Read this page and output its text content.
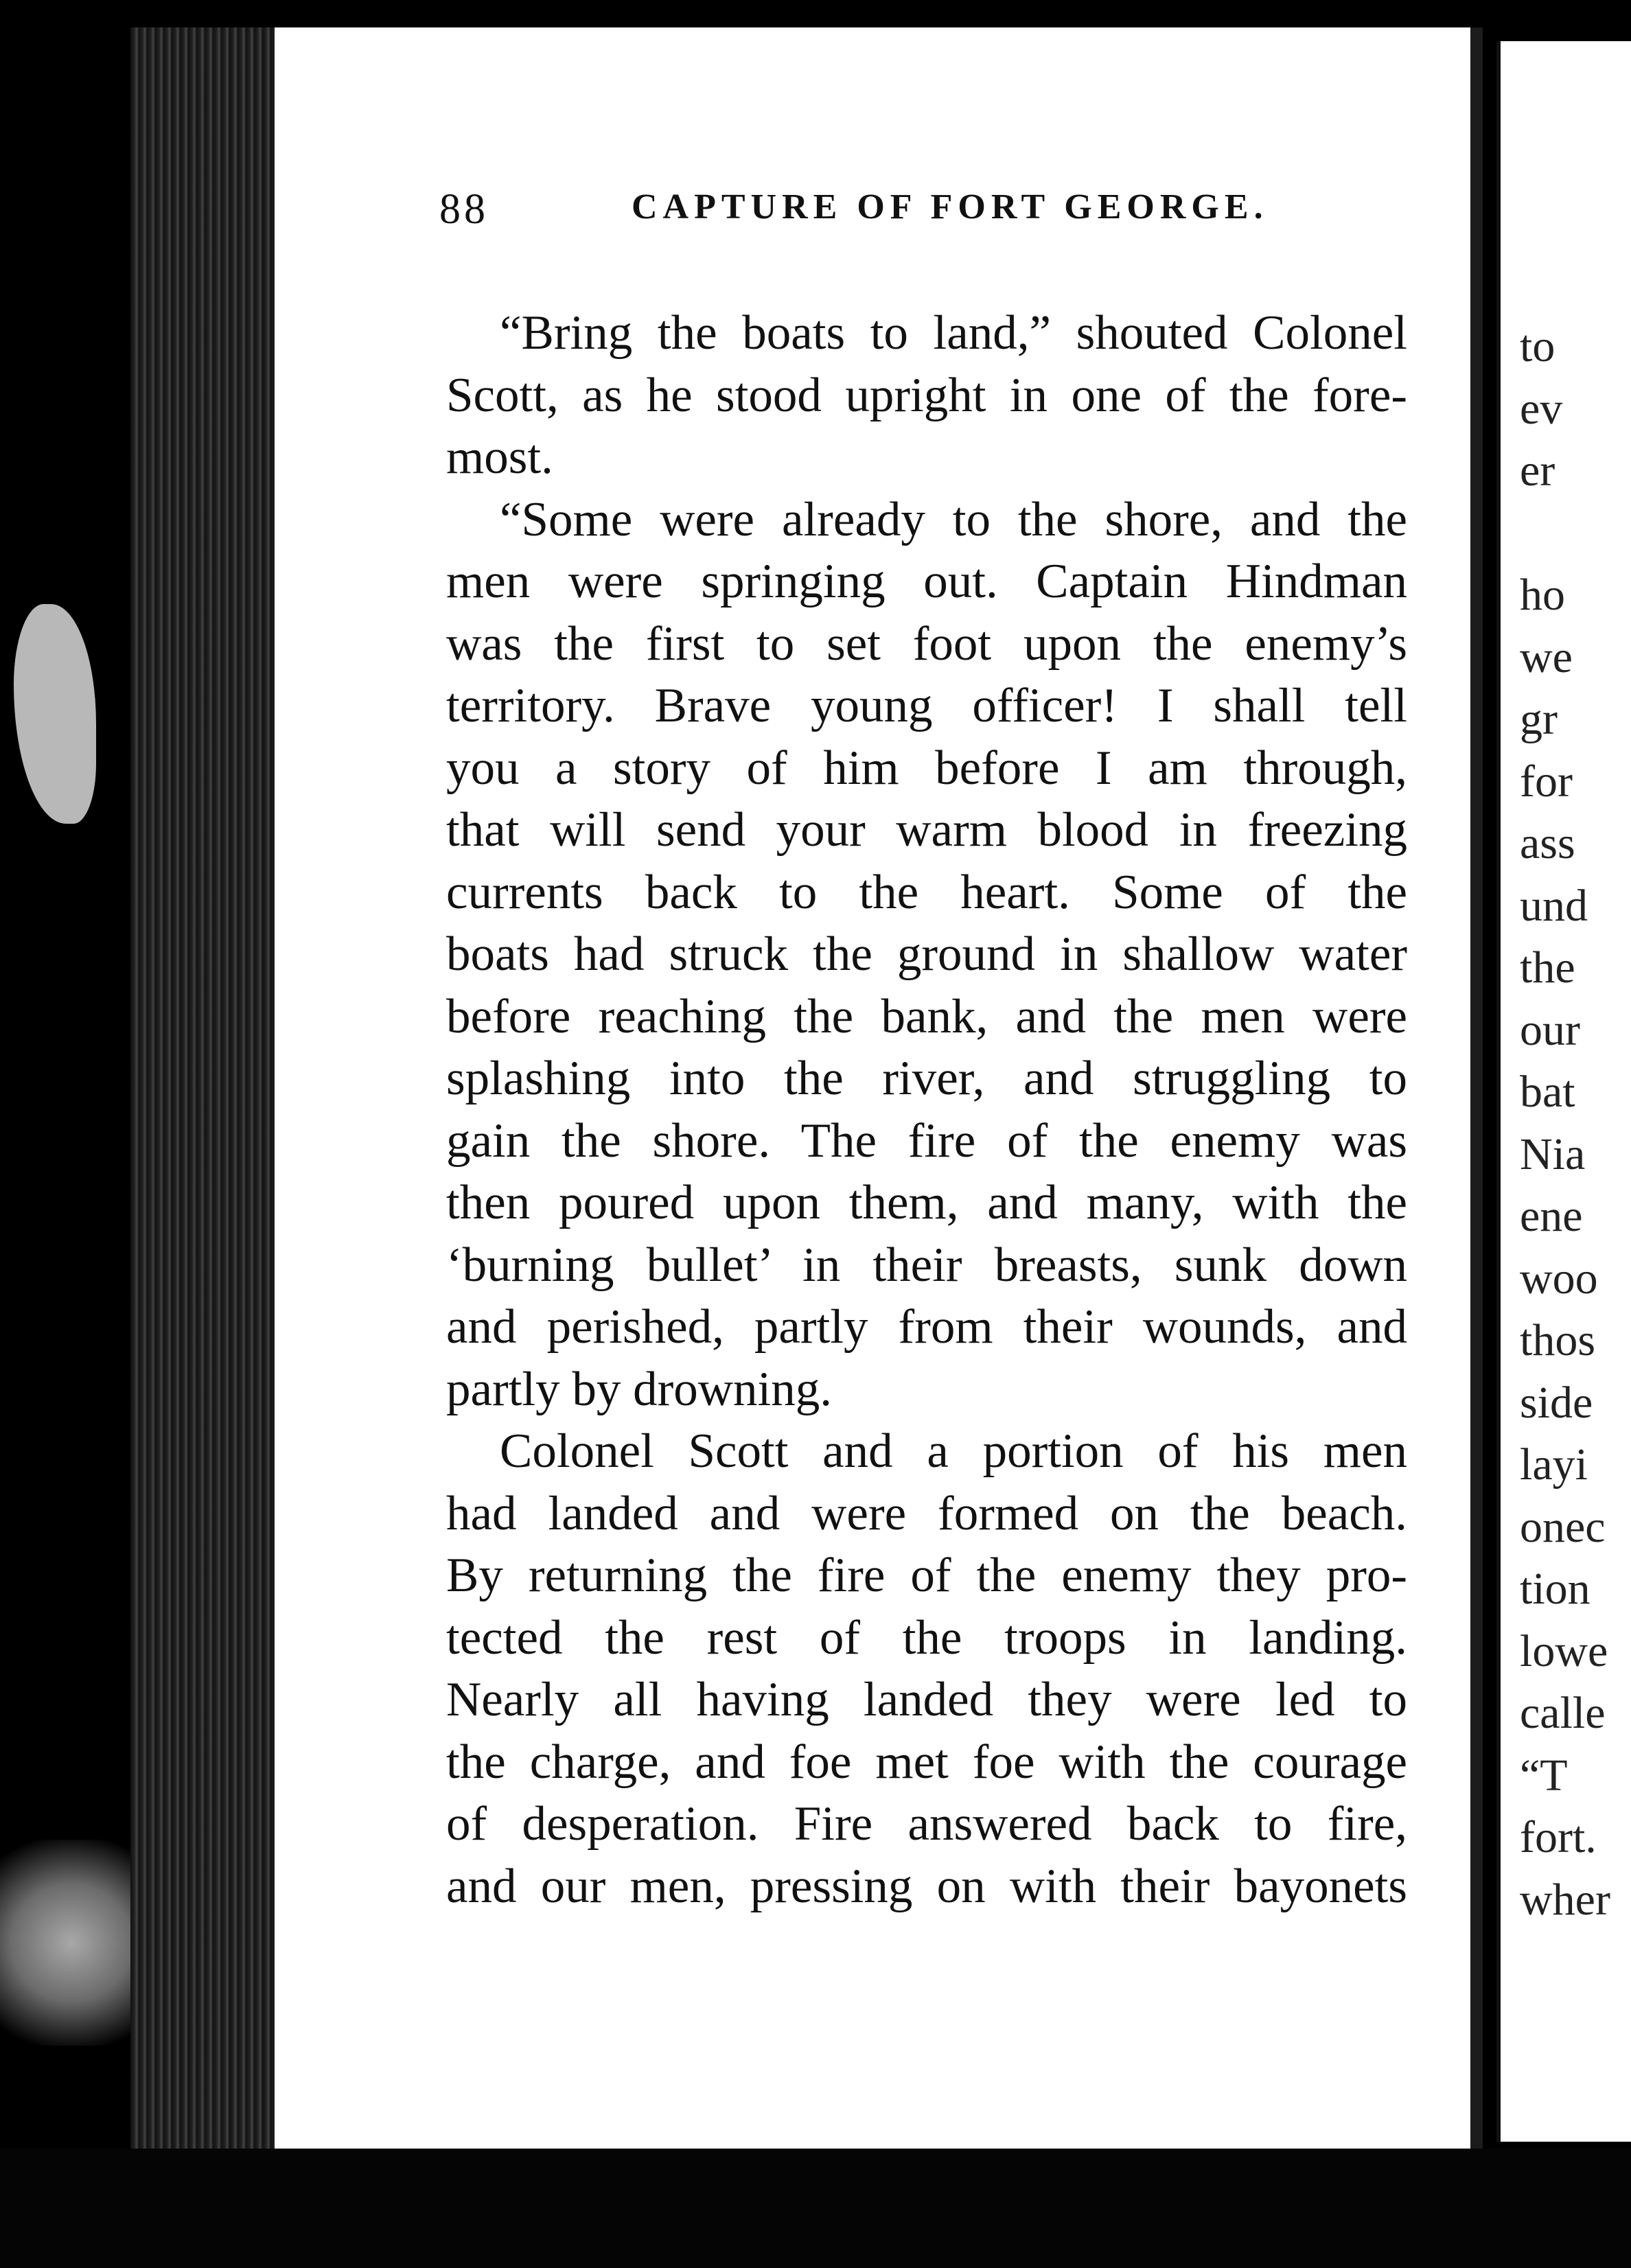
88	CAPTURE OF FORT GEORGE.
“Bring the boats to land,” shouted Colonel
Scott, as he stood upright in one of the fore-
most.
“Some were already to the shore, and the
men were springing out. Captain Hindman
was the first to set foot upon the enemy’s
territory. Brave young officer! I shall tell
you a story of him before I am through,
that will send your warm blood in freezing
currents back to the heart. Some of the
boats had struck the ground in shallow water
before reaching the bank, and the men were
splashing into the river, and struggling to
gain the shore. The fire of the enemy was
then poured upon them, and many, with the
‘burning bullet’ in their breasts, sunk down
and perished, partly from their wounds, and
partly by drowning.
Colonel Scott and a portion of his men
had landed and were formed on the beach.
By returning the fire of the enemy they pro-
tected the rest of the troops in landing.
Nearly all having landed they were led to
the charge, and foe met foe with the courage
of desperation. Fire answered back to fire,
and our men, pressing on with their bayonets
to
ev
er
ho
we
gr
for
ass
und
the
our
bat
Nia
ene
woo
thos
side
layi
onec
tion
lowe
calle
“T
fort.
wher
